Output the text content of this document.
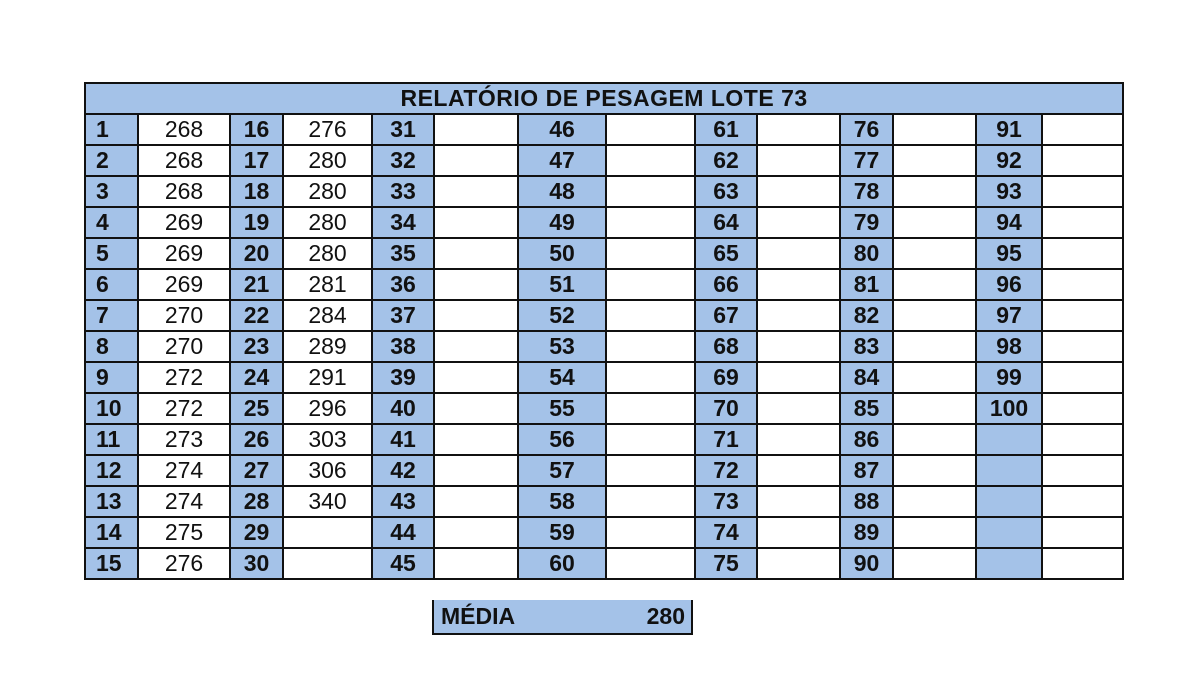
RELATÓRIO DE PESAGEM LOTE 73													
1	268	16	276	31		46		61		76		91	
2	268	17	280	32		47		62		77		92	
3	268	18	280	33		48		63		78		93	
4	269	19	280	34		49		64		79		94	
5	269	20	280	35		50		65		80		95	
6	269	21	281	36		51		66		81		96	
7	270	22	284	37		52		67		82		97	
8	270	23	289	38		53		68		83		98	
9	272	24	291	39		54		69		84		99	
10	272	25	296	40		55		70		85		100	
11	273	26	303	41		56		71		86			
12	274	27	306	42		57		72		87			
13	274	28	340	43		58		73		88			
14	275	29		44		59		74		89			
15	276	30		45		60		75		90			
MÉDIA	280
